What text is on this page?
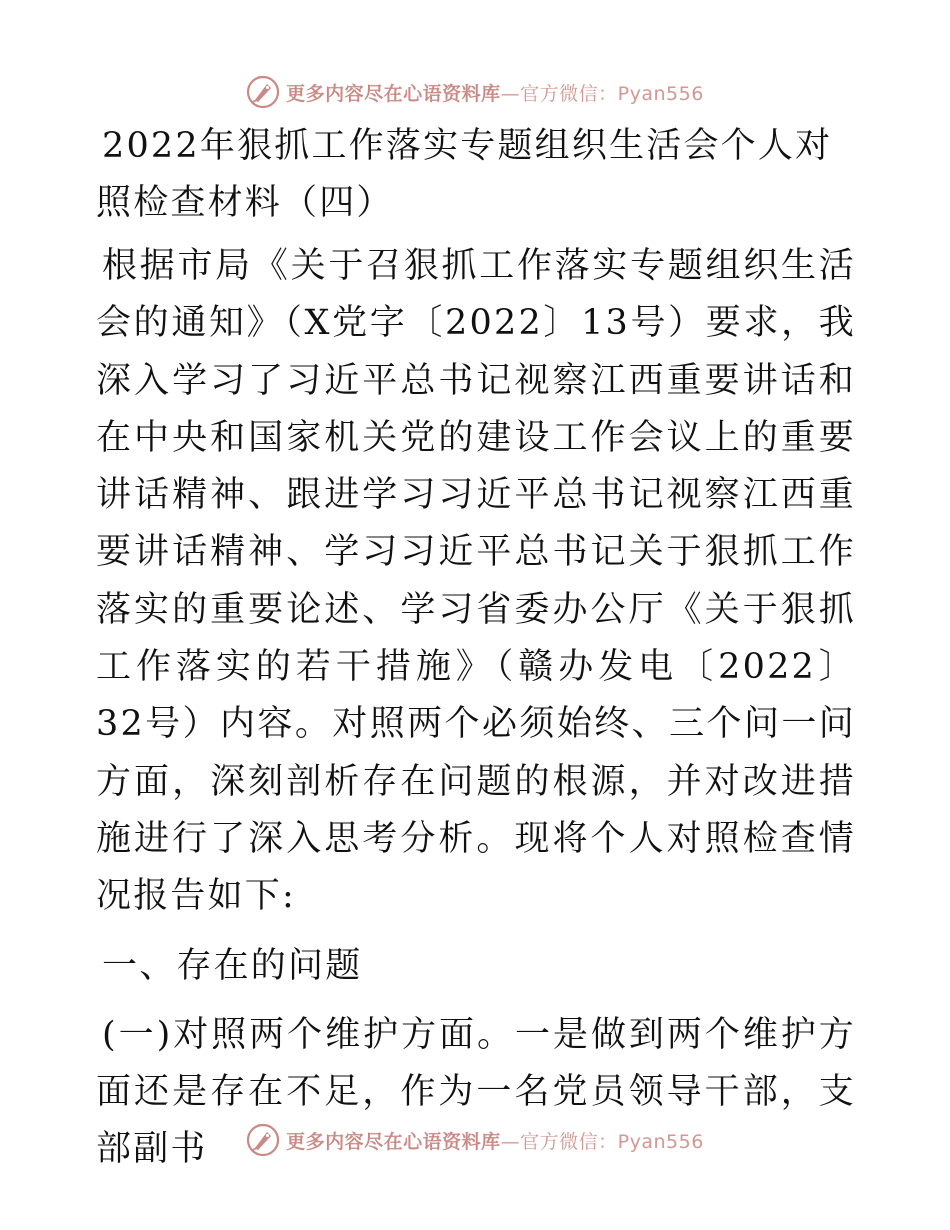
更多内容尽在心语资料库—官方微信：Pyan556
2022年狠抓工作落实专题组织生活会个人对照检查材料（四）

根据市局《关于召狠抓工作落实专题组织生活会的通知》（X党字〔2022〕13号）要求，我深入学习了习近平总书记视察江西重要讲话和在中央和国家机关党的建设工作会议上的重要讲话精神、跟进学习习近平总书记视察江西重要讲话精神、学习习近平总书记关于狠抓工作落实的重要论述、学习省委办公厅《关于狠抓工作落实的若干措施》（赣办发电〔2022〕32号）内容。对照两个必须始终、三个问一问方面，深刻剖析存在问题的根源，并对改进措施进行了深入思考分析。现将个人对照检查情况报告如下:

一、存在的问题

(一)对照两个维护方面。一是做到两个维护方面还是存在不足，作为一名党员领导干部，支部副书	更多内容尽在心语资料库—官方微信：Pyan556
